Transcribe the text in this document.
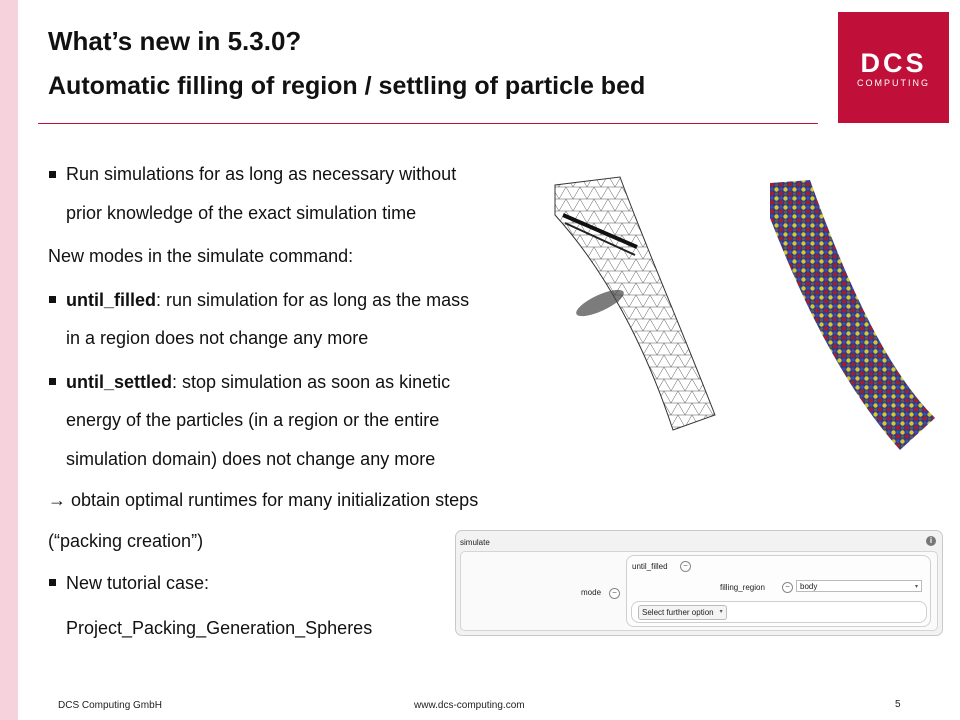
What’s new in 5.3.0?
Automatic filling of region / settling of particle bed
DCS
COMPUTING
Run simulations for as long as necessary without
prior knowledge of the exact simulation time
New modes in the simulate command:
until_filled: run simulation for as long as the mass
in a region does not change any more
until_settled: stop simulation as soon as kinetic
energy of the particles (in a region or the entire
simulation domain) does not change any more
→ obtain optimal runtimes for many initialization steps
(“packing creation”)
New tutorial case:
Project_Packing_Generation_Spheres
simulate	i
mode	−
until_filled	−
filling_region	−	body	▾
Select further option ▾
DCS Computing GmbH	www.dcs-computing.com	5
